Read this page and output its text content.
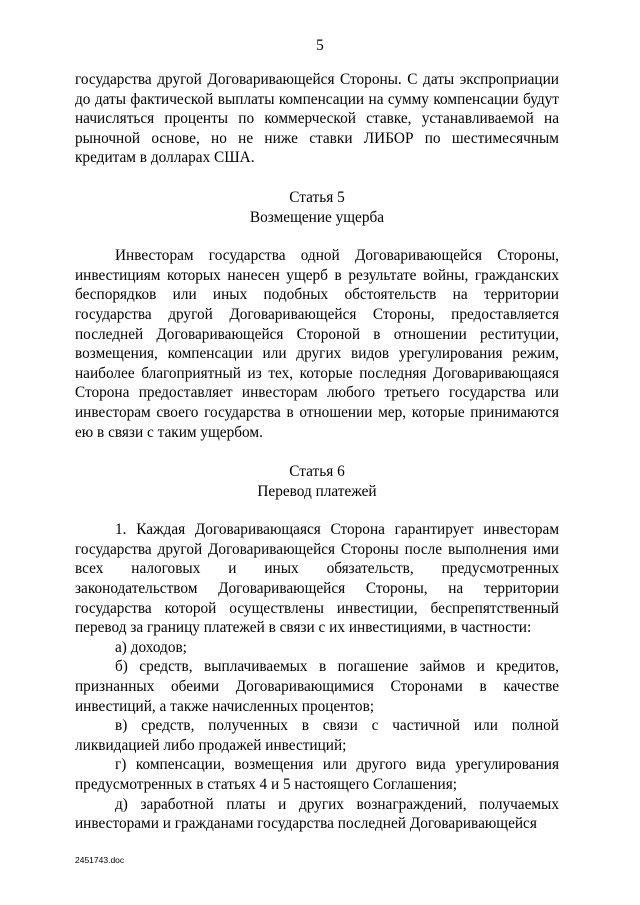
5

государства другой Договаривающейся Стороны. С даты экспроприации до даты фактической выплаты компенсации на сумму компенсации будут начисляться проценты по коммерческой ставке, устанавливаемой на рыночной основе, но не ниже ставки ЛИБОР по шестимесячным кредитам в долларах США.

Статья 5

Возмещение ущерба

Инвесторам государства одной Договаривающейся Стороны, инвестициям которых нанесен ущерб в результате войны, гражданских беспорядков или иных подобных обстоятельств на территории государства другой Договаривающейся Стороны, предоставляется последней Договаривающейся Стороной в отношении реституции, возмещения, компенсации или других видов урегулирования режим, наиболее благоприятный из тех, которые последняя Договаривающаяся Сторона предоставляет инвесторам любого третьего государства или инвесторам своего государства в отношении мер, которые принимаются ею в связи с таким ущербом.

Статья 6

Перевод платежей

1. Каждая Договаривающаяся Сторона гарантирует инвесторам государства другой Договаривающейся Стороны после выполнения ими всех налоговых и иных обязательств, предусмотренных законодательством Договаривающейся Стороны, на территории государства которой осуществлены инвестиции, беспрепятственный перевод за границу платежей в связи с их инвестициями, в частности:

а) доходов;

б) средств, выплачиваемых в погашение займов и кредитов, признанных обеими Договаривающимися Сторонами в качестве инвестиций, а также начисленных процентов;

в) средств, полученных в связи с частичной или полной ликвидацией либо продажей инвестиций;

г) компенсации, возмещения или другого вида урегулирования предусмотренных в статьях 4 и 5 настоящего Соглашения;

д) заработной платы и других вознаграждений, получаемых инвесторами и гражданами государства последней Договаривающейся

2451743.doc
